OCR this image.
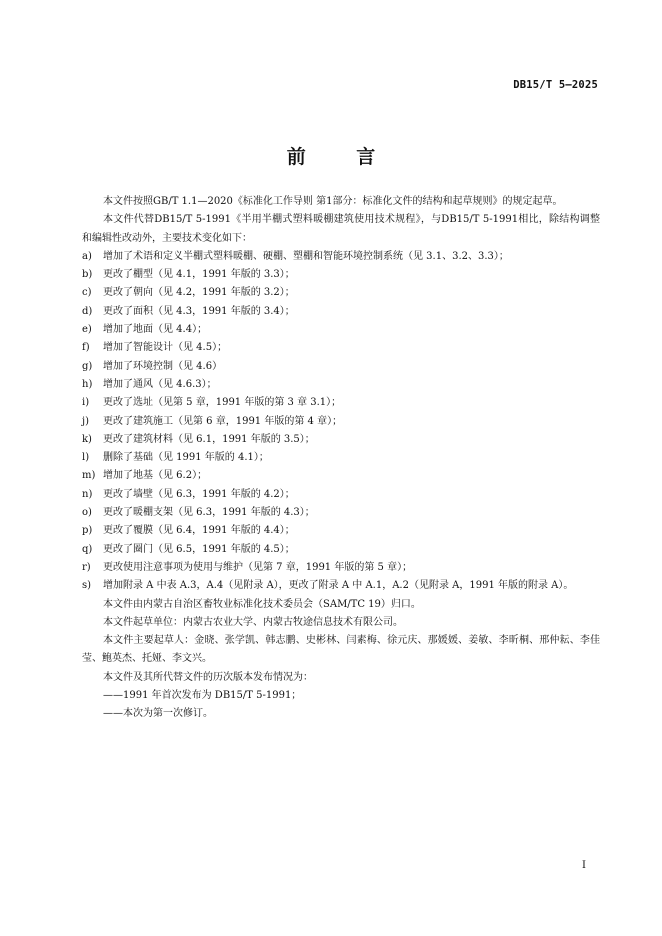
DB15/T 5—2025
前 言
本文件按照GB/T 1.1—2020《标准化工作导则 第1部分：标准化文件的结构和起草规则》的规定起草。
本文件代替DB15/T 5-1991《半用半棚式塑料暖棚建筑使用技术规程》，与DB15/T 5-1991相比，除结构调整和编辑性改动外，主要技术变化如下：
a)	增加了术语和定义半棚式塑料暖棚、硬棚、塑棚和智能环境控制系统（见 3.1、3.2、3.3）；
b)	更改了棚型（见 4.1，1991 年版的 3.3）；
c)	更改了朝向（见 4.2，1991 年版的 3.2）；
d)	更改了面积（见 4.3，1991 年版的 3.4）；
e)	增加了地面（见 4.4）；
f)	增加了智能设计（见 4.5）；
g)	增加了环境控制（见 4.6）
h)	增加了通风（见 4.6.3）；
i)	更改了选址（见第 5 章，1991 年版的第 3 章 3.1）；
j)	更改了建筑施工（见第 6 章，1991 年版的第 4 章）；
k)	更改了建筑材料（见 6.1，1991 年版的 3.5）；
l)	删除了基础（见 1991 年版的 4.1）；
m) 增加了地基（见 6.2）；
n)	更改了墙壁（见 6.3，1991 年版的 4.2）；
o)	更改了暖棚支架（见 6.3，1991 年版的 4.3）；
p)	更改了覆膜（见 6.4，1991 年版的 4.4）；
q)	更改了圈门（见 6.5，1991 年版的 4.5）；
r)	更改使用注意事项为使用与维护（见第 7 章，1991 年版的第 5 章）；
s)	增加附录 A 中表 A.3，A.4（见附录 A），更改了附录 A 中 A.1，A.2（见附录 A，1991 年版的附录 A）。
本文件由内蒙古自治区畜牧业标准化技术委员会（SAM/TC 19）归口。
本文件起草单位：内蒙古农业大学、内蒙古牧途信息技术有限公司。
本文件主要起草人：金晓、张学凯、韩志鹏、史彬林、闫素梅、徐元庆、那媛媛、姜敏、李昕桐、邢仲耘、李佳莹、鲍英杰、托娅、李文兴。
本文件及其所代替文件的历次版本发布情况为：
——1991 年首次发布为 DB15/T 5-1991；
——本次为第一次修订。
I
